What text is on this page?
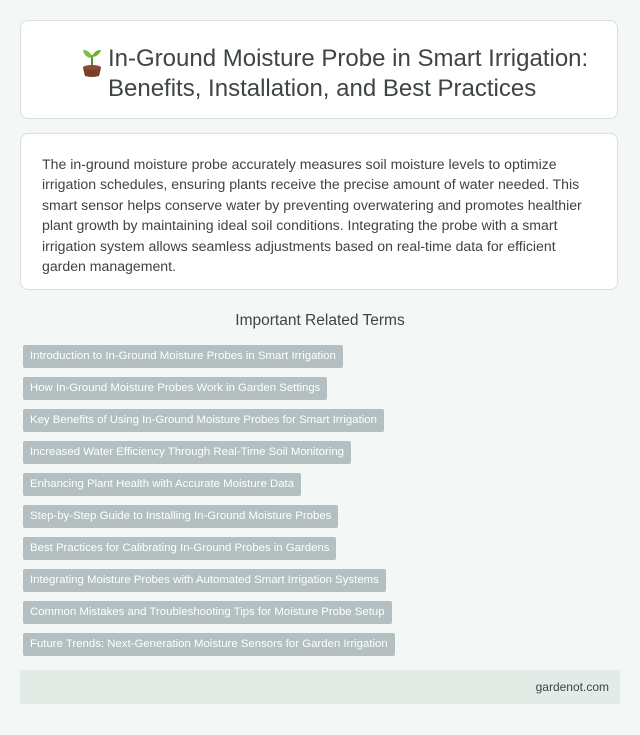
In-Ground Moisture Probe in Smart Irrigation: Benefits, Installation, and Best Practices

The in-ground moisture probe accurately measures soil moisture levels to optimize irrigation schedules, ensuring plants receive the precise amount of water needed. This smart sensor helps conserve water by preventing overwatering and promotes healthier plant growth by maintaining ideal soil conditions. Integrating the probe with a smart irrigation system allows seamless adjustments based on real-time data for efficient garden management.

Important Related Terms
Introduction to In-Ground Moisture Probes in Smart Irrigation
How In-Ground Moisture Probes Work in Garden Settings
Key Benefits of Using In-Ground Moisture Probes for Smart Irrigation
Increased Water Efficiency Through Real-Time Soil Monitoring
Enhancing Plant Health with Accurate Moisture Data
Step-by-Step Guide to Installing In-Ground Moisture Probes
Best Practices for Calibrating In-Ground Probes in Gardens
Integrating Moisture Probes with Automated Smart Irrigation Systems
Common Mistakes and Troubleshooting Tips for Moisture Probe Setup
Future Trends: Next-Generation Moisture Sensors for Garden Irrigation
gardenot.com
